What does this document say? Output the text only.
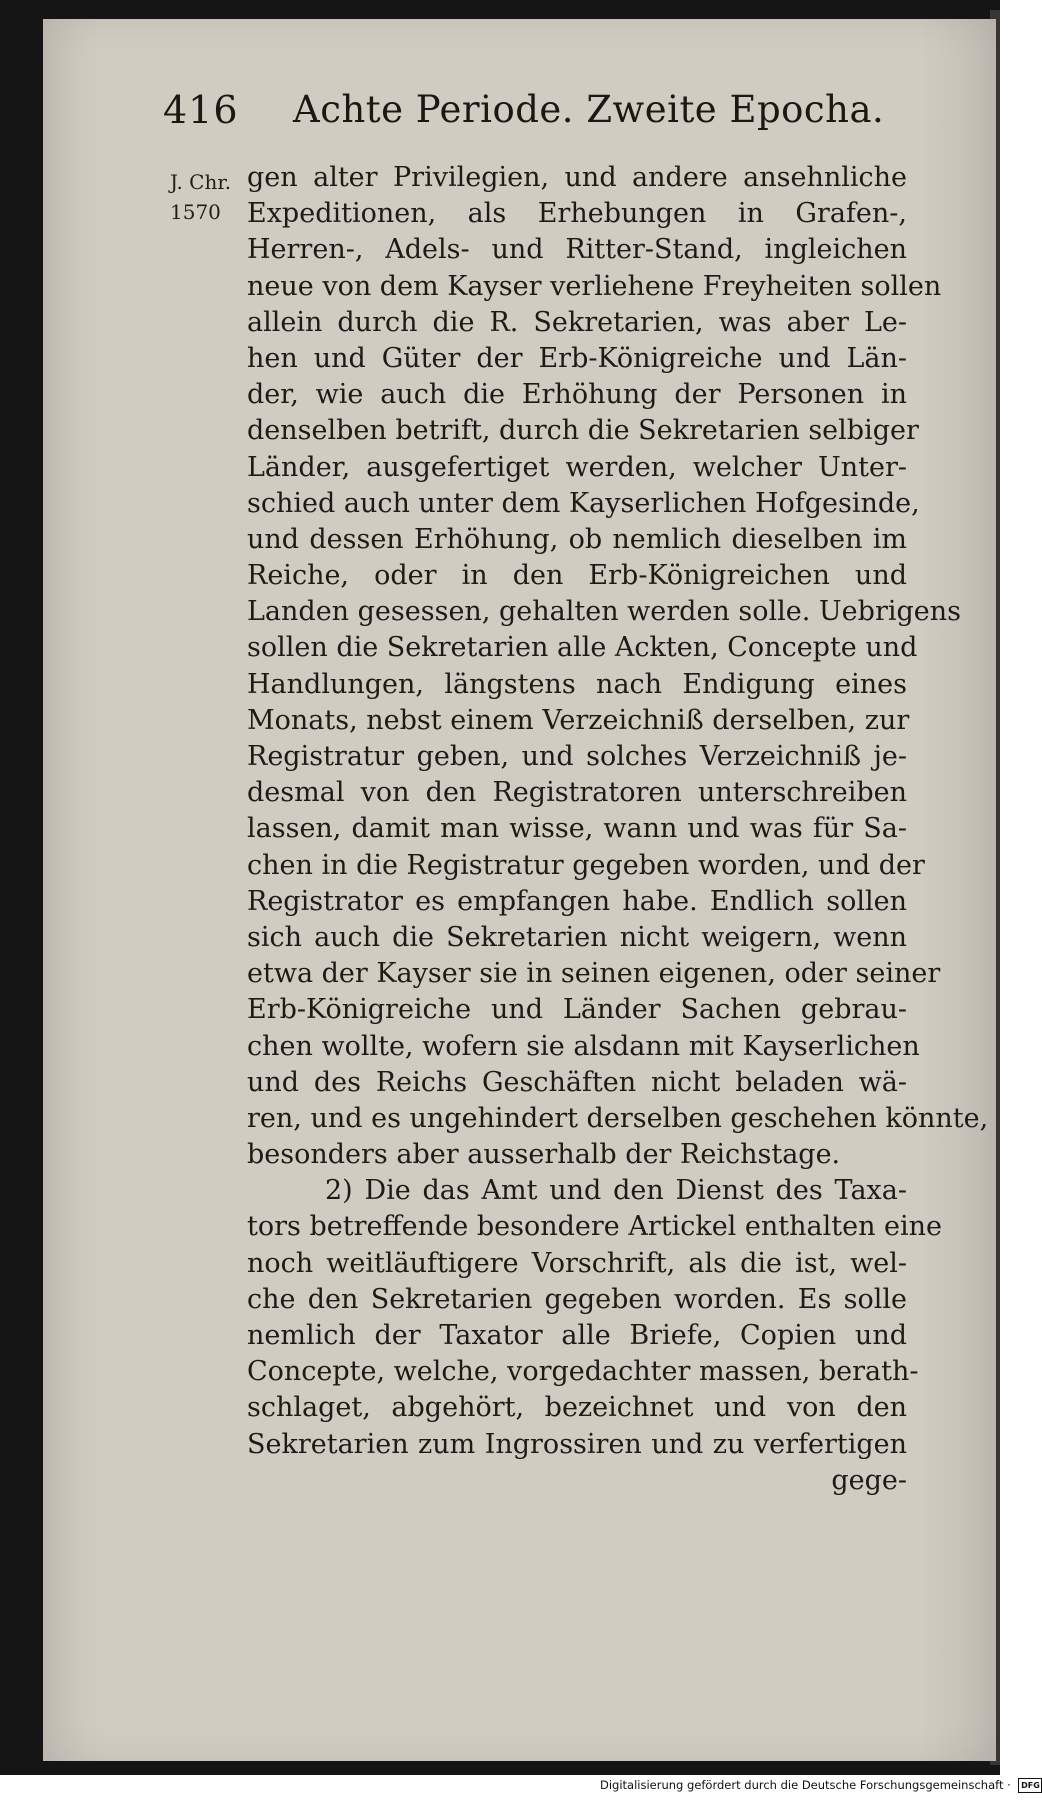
416 Achte Periode. Zweite Epocha.
J. Chr.
1570
gen alter Privilegien, und andere ansehnliche
Expeditionen, als Erhebungen in Grafen-,
Herren-, Adels- und Ritter-Stand, ingleichen
neue von dem Kayser verliehene Freyheiten sollen
allein durch die R. Sekretarien, was aber Le-
hen und Güter der Erb-Königreiche und Län-
der, wie auch die Erhöhung der Personen in
denselben betrift, durch die Sekretarien selbiger
Länder, ausgefertiget werden, welcher Unter-
schied auch unter dem Kayserlichen Hofgesinde,
und dessen Erhöhung, ob nemlich dieselben im
Reiche, oder in den Erb-Königreichen und
Landen gesessen, gehalten werden solle. Uebrigens
sollen die Sekretarien alle Ackten, Concepte und
Handlungen, längstens nach Endigung eines
Monats, nebst einem Verzeichniß derselben, zur
Registratur geben, und solches Verzeichniß je-
desmal von den Registratoren unterschreiben
lassen, damit man wisse, wann und was für Sa-
chen in die Registratur gegeben worden, und der
Registrator es empfangen habe. Endlich sollen
sich auch die Sekretarien nicht weigern, wenn
etwa der Kayser sie in seinen eigenen, oder seiner
Erb-Königreiche und Länder Sachen gebrau-
chen wollte, wofern sie alsdann mit Kayserlichen
und des Reichs Geschäften nicht beladen wä-
ren, und es ungehindert derselben geschehen könnte,
besonders aber ausserhalb der Reichstage.
2) Die das Amt und den Dienst des Taxa-
tors betreffende besondere Artickel enthalten eine
noch weitläuftigere Vorschrift, als die ist, wel-
che den Sekretarien gegeben worden. Es solle
nemlich der Taxator alle Briefe, Copien und
Concepte, welche, vorgedachter massen, berath-
schlaget, abgehört, bezeichnet und von den
Sekretarien zum Ingrossiren und zu verfertigen
gege-
Digitalisierung gefördert durch die Deutsche Forschungsgemeinschaft · DFG
